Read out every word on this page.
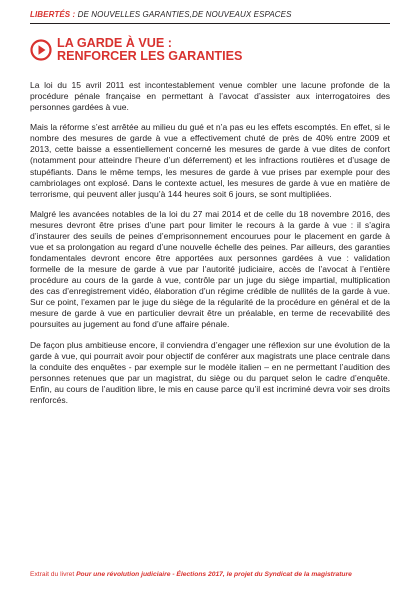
LIBERTÉS : DE NOUVELLES GARANTIES,DE NOUVEAUX ESPACES
LA GARDE À VUE :
RENFORCER LES GARANTIES

La loi du 15 avril 2011 est incontestablement venue combler une lacune profonde de la procédure pénale française en permettant à l’avocat d’assister aux interrogatoires des personnes gardées à vue.

Mais la réforme s’est arrêtée au milieu du gué et n’a pas eu les effets escomptés. En effet, si le nombre des mesures de garde à vue a effectivement chuté de près de 40% entre 2009 et 2013, cette baisse a essentiellement concerné les mesures de garde à vue dites de confort (notamment pour atteindre l’heure d’un déferrement) et les infractions routières et d’usage de stupéfiants. Dans le même temps, les mesures de garde à vue prises par exemple pour des cambriolages ont explosé. Dans le contexte actuel, les mesures de garde à vue en matière de terrorisme, qui peuvent aller jusqu’à 144 heures soit 6 jours, se sont multipliées.

Malgré les avancées notables de la loi du 27 mai 2014 et de celle du 18 novembre 2016, des mesures devront être prises d’une part pour limiter le recours à la garde à vue : il s’agira d’instaurer des seuils de peines d’emprisonnement encourues pour le placement en garde à vue et sa prolongation au regard d’une nouvelle échelle des peines. Par ailleurs, des garanties fondamentales devront encore être apportées aux personnes gardées à vue : validation formelle de la mesure de garde à vue par l’autorité judiciaire, accès de l’avocat à l’entière procédure au cours de la garde à vue, contrôle par un juge du siège impartial, multiplication des cas d’enregistrement vidéo, élaboration d’un régime crédible de nullités de la garde à vue. Sur ce point, l’examen par le juge du siège de la régularité de la procédure en général et de la mesure de garde à vue en particulier devrait être un préalable, en terme de recevabilité des poursuites au jugement au fond d’une affaire pénale.

De façon plus ambitieuse encore, il conviendra d’engager une réflexion sur une évolution de la garde à vue, qui pourrait avoir pour objectif de conférer aux magistrats une place centrale dans la conduite des enquêtes - par exemple sur le modèle italien – en ne permettant l’audition des personnes retenues que par un magistrat, du siège ou du parquet selon le cadre d’enquête. Enfin, au cours de l’audition libre, le mis en cause parce qu’il est incriminé devra voir ses droits renforcés.

Extrait du livret Pour une révolution judiciaire - Élections 2017, le projet du Syndicat de la magistrature
